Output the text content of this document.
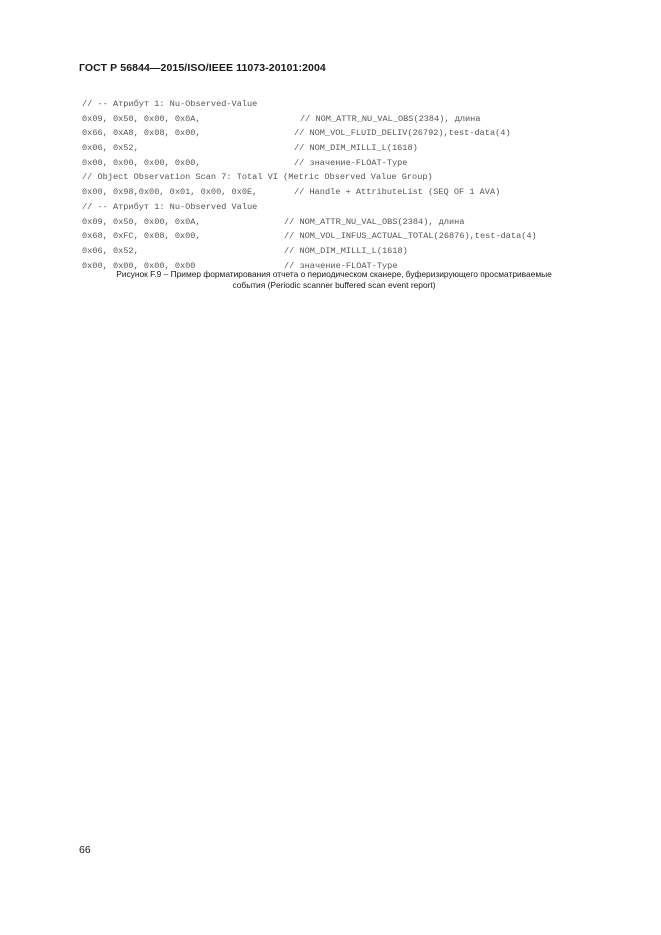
ГОСТ Р 56844—2015/ISO/IEEE 11073-20101:2004
// -- Атрибут 1: Nu-Observed-Value
0x09, 0x50, 0x00, 0x0A,	// NOM_ATTR_NU_VAL_OBS(2384), длина
0x66, 0xA8, 0x08, 0x00,	// NOM_VOL_FLUID_DELIV(26792),test-data(4)
0x06, 0x52,	// NOM_DIM_MILLI_L(1618)
0x00, 0x00, 0x00, 0x00,	// значение-FLOAT-Type
// Object Observation Scan 7: Total VI (Metric Observed Value Group)
0x00, 0x98,0x00, 0x01, 0x00, 0x0E,	// Handle + AttributeList (SEQ OF 1 AVA)
// -- Атрибут 1: Nu-Observed Value
0x09, 0x50, 0x00, 0x0A,	// NOM_ATTR_NU_VAL_OBS(2384), длина
0x68, 0xFC, 0x08, 0x00,	// NOM_VOL_INFUS_ACTUAL_TOTAL(26876),test-data(4)
0x06, 0x52,	// NOM_DIM_MILLI_L(1618)
0x00, 0x00, 0x00, 0x00	// значение-FLOAT-Type
Рисунок F.9 – Пример форматирования отчета о периодическом сканере, буферизирующего просматриваемые
события (Periodic scanner buffered scan event report)
66
